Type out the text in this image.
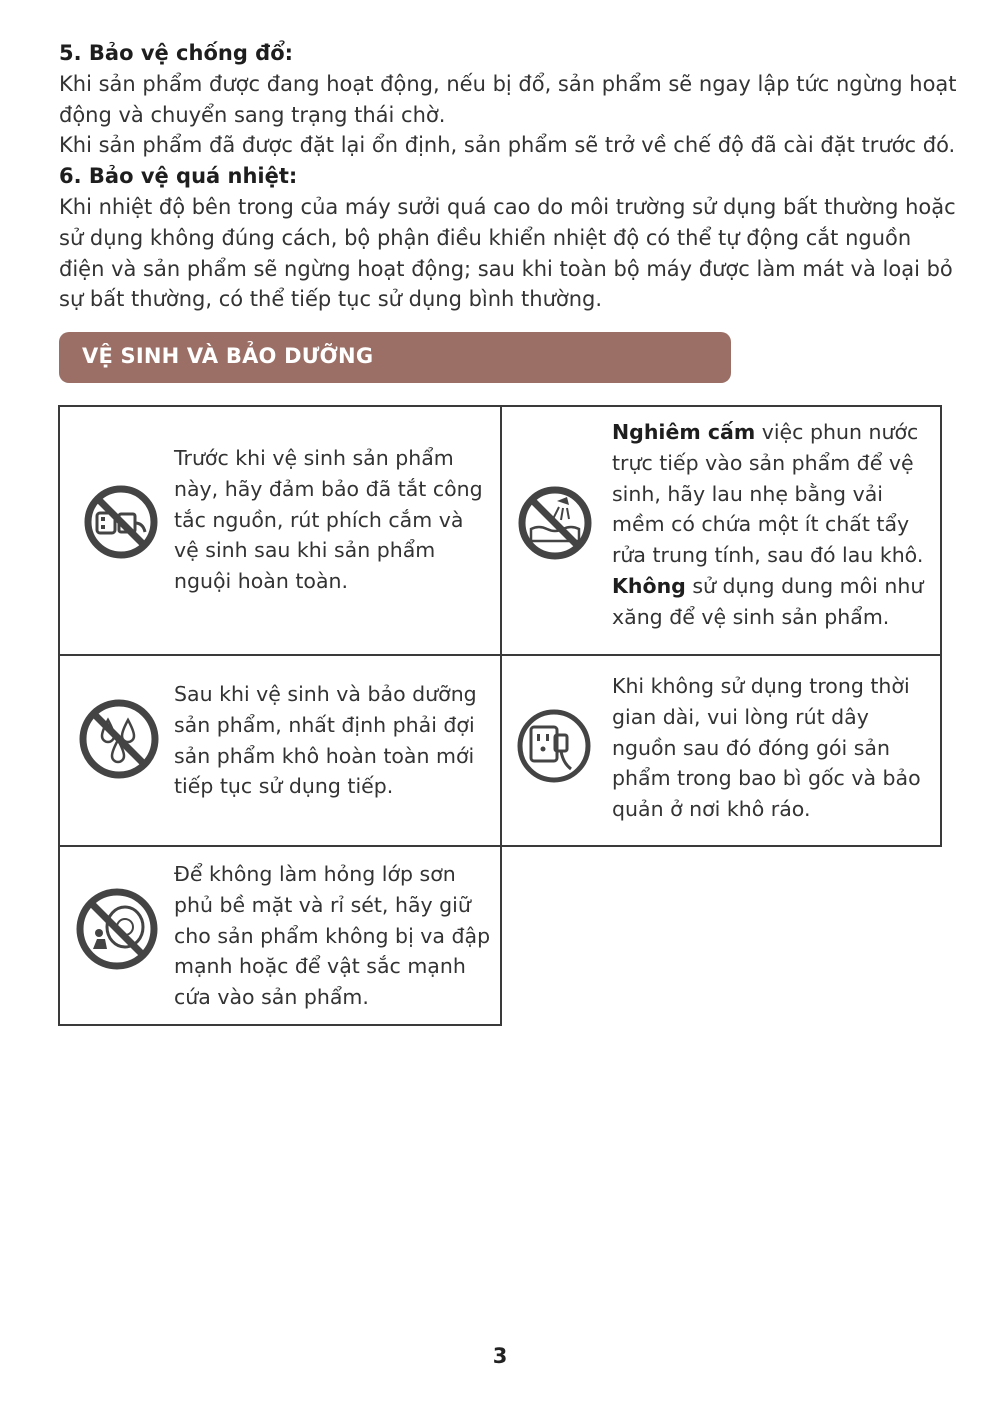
5. Bảo vệ chống đổ:

Khi sản phẩm được đang hoạt động, nếu bị đổ, sản phẩm sẽ ngay lập tức ngừng hoạt động và chuyển sang trạng thái chờ.

Khi sản phẩm đã được đặt lại ổn định, sản phẩm sẽ trở về chế độ đã cài đặt trước đó.

6. Bảo vệ quá nhiệt:

Khi nhiệt độ bên trong của máy sưởi quá cao do môi trường sử dụng bất thường hoặc sử dụng không đúng cách, bộ phận điều khiển nhiệt độ có thể tự động cắt nguồn điện và sản phẩm sẽ ngừng hoạt động; sau khi toàn bộ máy được làm mát và loại bỏ sự bất thường, có thể tiếp tục sử dụng bình thường.

VỆ SINH VÀ BẢO DƯỠNG
Trước khi vệ sinh sản phẩm này, hãy đảm bảo đã tắt công tắc nguồn, rút phích cắm và vệ sinh sau khi sản phẩm nguội hoàn toàn.
Nghiêm cấm việc phun nước trực tiếp vào sản phẩm để vệ sinh, hãy lau nhẹ bằng vải mềm có chứa một ít chất tẩy rửa trung tính, sau đó lau khô.
Không sử dụng dung môi như xăng để vệ sinh sản phẩm.
Sau khi vệ sinh và bảo dưỡng sản phẩm, nhất định phải đợi sản phẩm khô hoàn toàn mới tiếp tục sử dụng tiếp.
Khi không sử dụng trong thời gian dài, vui lòng rút dây nguồn sau đó đóng gói sản phẩm trong bao bì gốc và bảo quản ở nơi khô ráo.
Để không làm hỏng lớp sơn phủ bề mặt và rỉ sét, hãy giữ cho sản phẩm không bị va đập mạnh hoặc để vật sắc mạnh cứa vào sản phẩm.
3
